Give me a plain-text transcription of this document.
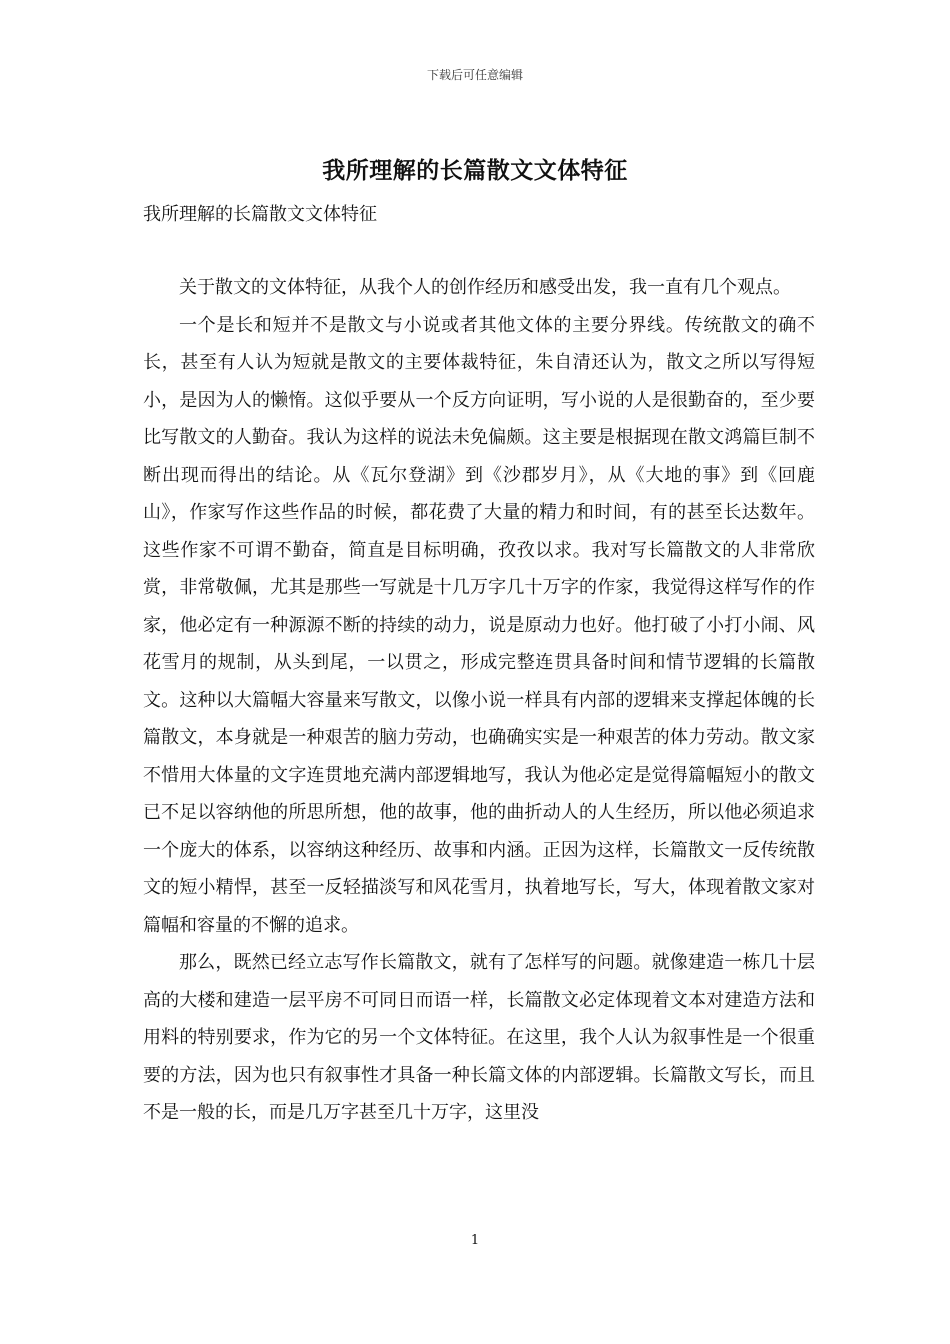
下载后可任意编辑
我所理解的长篇散文文体特征
我所理解的长篇散文文体特征

关于散文的文体特征，从我个人的创作经历和感受出发，我一直有几个观点。

一个是长和短并不是散文与小说或者其他文体的主要分界线。传统散文的确不长，甚至有人认为短就是散文的主要体裁特征，朱自清还认为，散文之所以写得短小，是因为人的懒惰。这似乎要从一个反方向证明，写小说的人是很勤奋的，至少要比写散文的人勤奋。我认为这样的说法未免偏颇。这主要是根据现在散文鸿篇巨制不断出现而得出的结论。从《瓦尔登湖》到《沙郡岁月》，从《大地的事》到《回鹿山》，作家写作这些作品的时候，都花费了大量的精力和时间，有的甚至长达数年。这些作家不可谓不勤奋，简直是目标明确，孜孜以求。我对写长篇散文的人非常欣赏，非常敬佩，尤其是那些一写就是十几万字几十万字的作家，我觉得这样写作的作家，他必定有一种源源不断的持续的动力，说是原动力也好。他打破了小打小闹、风花雪月的规制，从头到尾，一以贯之，形成完整连贯具备时间和情节逻辑的长篇散文。这种以大篇幅大容量来写散文，以像小说一样具有内部的逻辑来支撑起体魄的长篇散文，本身就是一种艰苦的脑力劳动，也确确实实是一种艰苦的体力劳动。散文家不惜用大体量的文字连贯地充满内部逻辑地写，我认为他必定是觉得篇幅短小的散文已不足以容纳他的所思所想，他的故事，他的曲折动人的人生经历，所以他必须追求一个庞大的体系，以容纳这种经历、故事和内涵。正因为这样，长篇散文一反传统散文的短小精悍，甚至一反轻描淡写和风花雪月，执着地写长，写大，体现着散文家对篇幅和容量的不懈的追求。

那么，既然已经立志写作长篇散文，就有了怎样写的问题。就像建造一栋几十层高的大楼和建造一层平房不可同日而语一样，长篇散文必定体现着文本对建造方法和用料的特别要求，作为它的另一个文体特征。在这里，我个人认为叙事性是一个很重要的方法，因为也只有叙事性才具备一种长篇文体的内部逻辑。长篇散文写长，而且不是一般的长，而是几万字甚至几十万字，这里没

1
